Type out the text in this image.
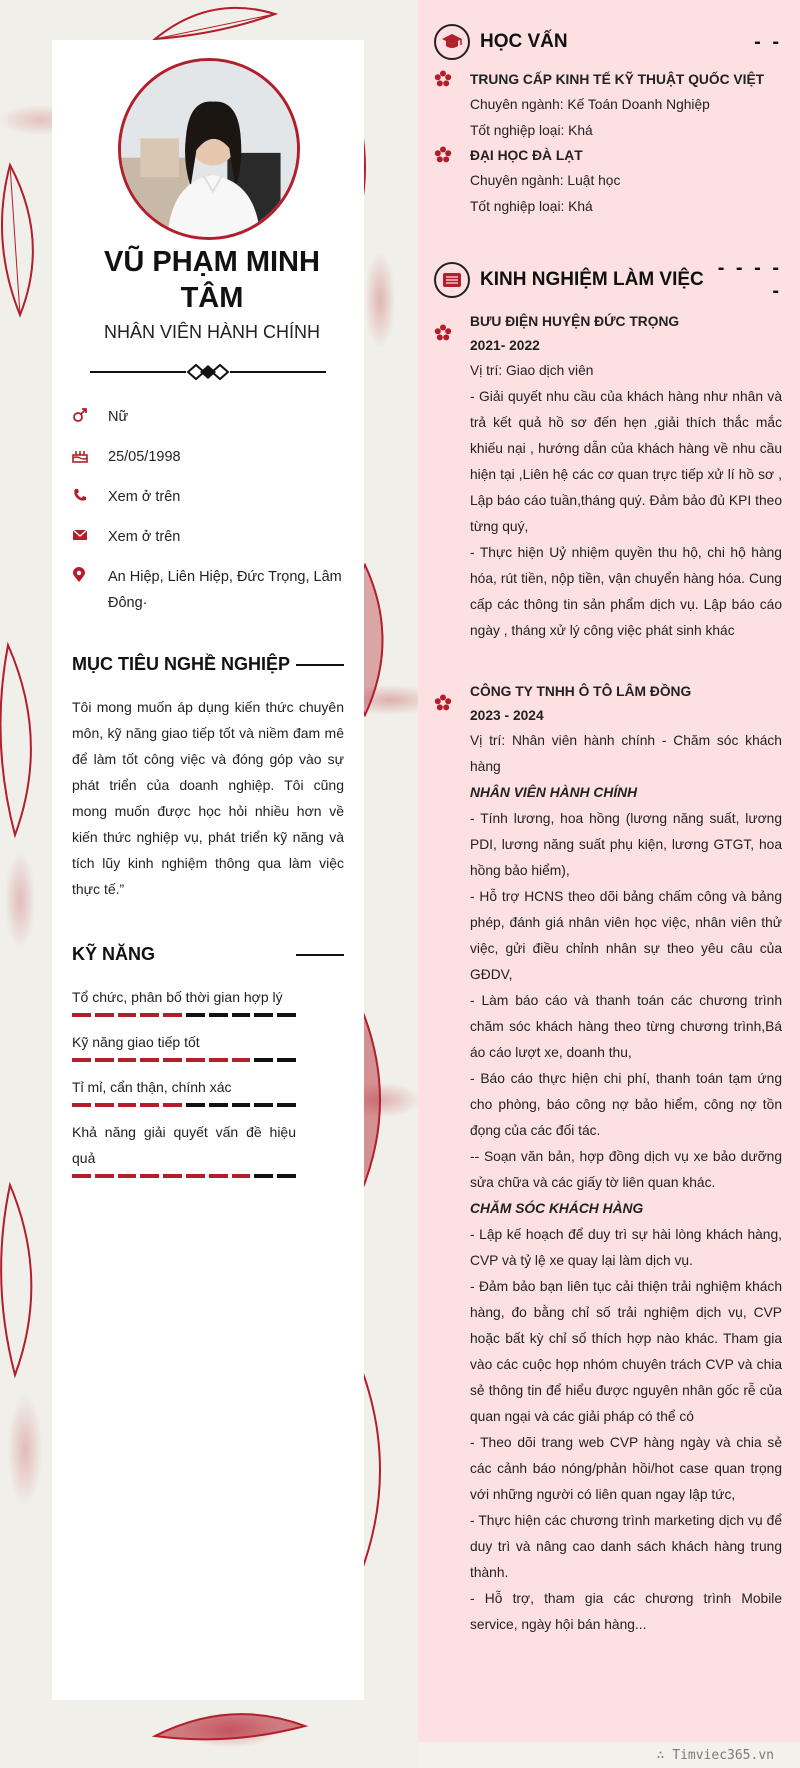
VŨ PHẠM MINH TÂM
NHÂN VIÊN HÀNH CHÍNH
Nữ
25/05/1998
Xem ở trên
Xem ở trên
An Hiệp, Liên Hiệp, Đức Trọng, Lâm Đông·
MỤC TIÊU NGHỀ NGHIỆP
Tôi mong muốn áp dụng kiến thức chuyên môn, kỹ năng giao tiếp tốt và niềm đam mê để làm tốt công việc và đóng góp vào sự phát triển của doanh nghiệp. Tôi cũng mong muốn được học hỏi nhiều hơn về kiến thức nghiệp vụ, phát triển kỹ năng và tích lũy kinh nghiệm thông qua làm việc thực tế.”
KỸ NĂNG
Tổ chức, phân bố thời gian hợp lý
Kỹ năng giao tiếp tốt
Tỉ mỉ, cẩn thận, chính xác
Khả năng giải quyết vấn đề hiệu quả
HỌC VẤN	- -

TRUNG CẤP KINH TẾ KỸ THUẬT QUỐC VIỆT

Chuyên ngành: Kế Toán Doanh Nghiệp

Tốt nghiệp loại: Khá

ĐẠI HỌC ĐÀ LẠT

Chuyên ngành: Luật học

Tốt nghiệp loại: Khá

KINH NGHIỆM LÀM VIỆC
- - - - -

BƯU ĐIỆN HUYỆN ĐỨC TRỌNG

2021- 2022

Vị trí: Giao dịch viên

- Giải quyết nhu cầu của khách hàng như nhân và trả kết quả hồ sơ đến hẹn ,giải thích thắc mắc khiếu nại , hướng dẫn của khách hàng về nhu cầu hiện tại ,Liên hệ các cơ quan trực tiếp xử lí hồ sơ , Lập báo cáo tuần,tháng quý. Đảm bảo đủ KPI theo từng quý,

- Thực hiện Uỷ nhiệm quyền thu hộ, chi hộ hàng hóa, rút tiền, nộp tiền, vận chuyển hàng hóa. Cung cấp các thông tin sản phẩm dịch vụ. Lập báo cáo ngày , tháng xử lý công việc phát sinh khác

CÔNG TY TNHH Ô TÔ LÂM ĐỒNG

2023 - 2024

Vị trí: Nhân viên hành chính - Chăm sóc khách hàng

NHÂN VIÊN HÀNH CHÍNH

- Tính lương, hoa hồng (lương năng suất, lương PDI, lương năng suất phụ kiện, lương GTGT, hoa hồng bảo hiểm),

- Hỗ trợ HCNS theo dõi bảng chấm công và bảng phép, đánh giá nhân viên học việc, nhân viên thử việc, gửi điều chỉnh nhân sự theo yêu câu của GĐDV,

- Làm báo cáo và thanh toán các chương trình chăm sóc khách hàng theo từng chương trình,Bá áo cáo lượt xe, doanh thu,

- Báo cáo thực hiện chi phí, thanh toán tạm ứng cho phòng, báo công nợ bảo hiểm, công nợ tồn đọng của các đối tác.

-- Soạn văn bản, hợp đồng dịch vụ xe bảo dưỡng sửa chữa và các giấy tờ liên quan khác.

CHĂM SÓC KHÁCH HÀNG

- Lập kế hoạch để duy trì sự hài lòng khách hàng, CVP và tỷ lệ xe quay lại làm dịch vụ.

- Đảm bảo bạn liên tục cải thiện trải nghiệm khách hàng, đo bằng chỉ số trải nghiệm dịch vụ, CVP hoặc bất kỳ chỉ số thích hợp nào khác. Tham gia vào các cuộc họp nhóm chuyên trách CVP và chia sẻ thông tin để hiểu được nguyên nhân gốc rễ của quan ngại và các giải pháp có thể có

- Theo dõi trang web CVP hàng ngày và chia sẻ các cảnh báo nóng/phản hồi/hot case quan trọng với những người có liên quan ngay lập tức,

- Thực hiện các chương trình marketing dịch vụ để duy trì và nâng cao danh sách khách hàng trung thành.

- Hỗ trợ, tham gia các chương trình Mobile service, ngày hội bán hàng...

∴ Timviec365.vn
